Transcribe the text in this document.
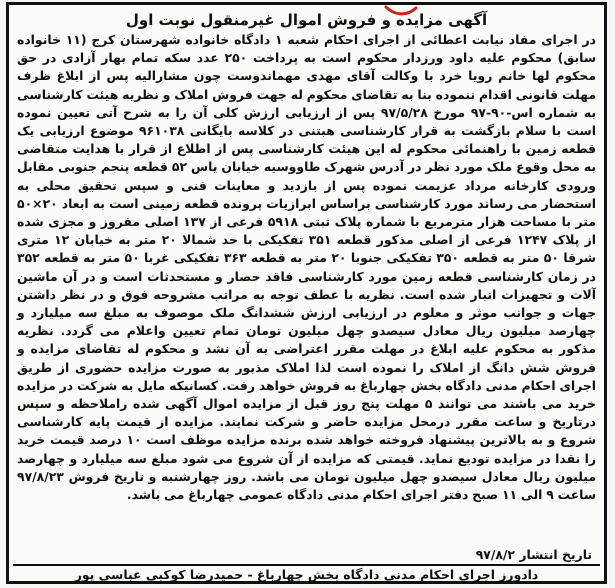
آگهی مزایده و فروش اموال غیرمنقول نوبت اول
در اجرای مفاد نیابت اعطائی از اجرای احکام شعبه ۱ دادگاه خانواده شهرستان کرج (۱۱ خانواده سابق) محکوم علیه داود ورزدار محکوم است به پرداخت ۲۵۰ عدد سکه تمام بهار آزادی در حق محکوم لها خانم رویا خرد با وکالت آقای مهدی مهماندوست چون مشارالیه پس از ابلاغ ظرف مهلت قانونی اقدام ننموده بنا به تقاضای محکوم له جهت فروش املاک و نظریه هیئت کارشناسی به شماره اس-۹۰-۹۷ مورخ ۹۷/۵/۲۸ پس از ارزیابی ارزش کلی آن را به شرح آتی تعیین نموده است با سلام بازگشت به قرار کارشناسی هبتنی در کلاسه بایگانی ۹۶۱۰۳۸ موضوع ارزیابی یک قطعه زمین با راهنمائی محکوم له این هیئت کارشناسی پس از اطلاع از قرار با هدایت متقاضی به محل وقوع ملک مورد نظر در آدرس شهرک طاووسیه خیابان یاس ۵۲ قطعه پنجم جنوبی مقابل ورودی کارخانه مرداد عزیمت نموده پس از بازدید و معاینات فنی و سپس تحقیق محلی به استحضار می رساند مورد کارشناسی براساس ابرازیات پرونده قطعه زمینی است به ابعاد ۲۰×۵۰ متر با مساحت هزار مترمربع با شماره پلاک ثبتی ۵۹۱۸ فرعی از ۱۳۷ اصلی مفروز و مجزی شده از پلاک ۱۲۴۷ فرعی از اصلی مذکور قطعه ۳۵۱ تفکیکی با حد شمالا ۲۰ متر به خیابان ۱۲ متری شرقا ۵۰ متر به قطعه ۳۵۰ تفکیکی جنوبا ۲۰ متر به قطعه ۳۶۳ تفکیکی غربا ۵۰ متر به قطعه ۳۵۲ در زمان کارشناسی قطعه زمین مورد کارشناسی فاقد حصار و مستحدثات است و در آن ماشین آلات و تجهیزات انبار شده است. نظریه با عطف توجه به مراتب مشروحه فوق و در نظر داشتن جهات و جوانب موثر و معلوم در ارزیابی ارزش ششدانگ ملک موصوف به مبلغ سه میلیارد و چهارصد میلیون ریال معادل سیصدو چهل میلیون تومان تمام تعیین واعلام می گردد. نظریه مذکور به محکوم علیه ابلاغ در مهلت مقرر اعتراضی به آن نشد و محکوم له تقاضای مزایده و فروش شش دانگ از املاک را نموده است لذا املاک مذبور به صورت مزایده حضوری از طریق اجرای احکام مدنی دادگاه بخش چهارباغ به فروش خواهد رفت. کسانیکه مایل به شرکت در مزایده خرید می باشند می توانند ۵ مهلت پنج روز قبل از مزایده اموال آگهی شده راملاحظه و سپس درتاریخ و ساعت مقرر درمحل مزایده حاضر و شرکت نمایند. مزایده از قیمت پایه کارشناسی شروع و به بالاترین پیشنهاد فروخته خواهد شده برنده مزایده موظف است ۱۰ درصد قیمت خرید را نقدا در مزایده تودیع نماید. قیمتی که مزایده از آن شروع می شود مبلغ سه میلیارد و چهارصد میلیون ریال معادل سیصدو چهل میلیون تومان می باشد. روز چهارشنبه و تاریخ فروش ۹۷/۸/۲۳ ساعت ۹ الی ۱۱ صبح دفتر اجرای احکام مدنی دادگاه عمومی چهارباغ می باشد.
تاریخ انتشار ۹۷/۸/۲
دادورز اجرای احکام مدنی دادگاه بخش چهارباغ - حمیدرضا کوکبی عباسی پور
